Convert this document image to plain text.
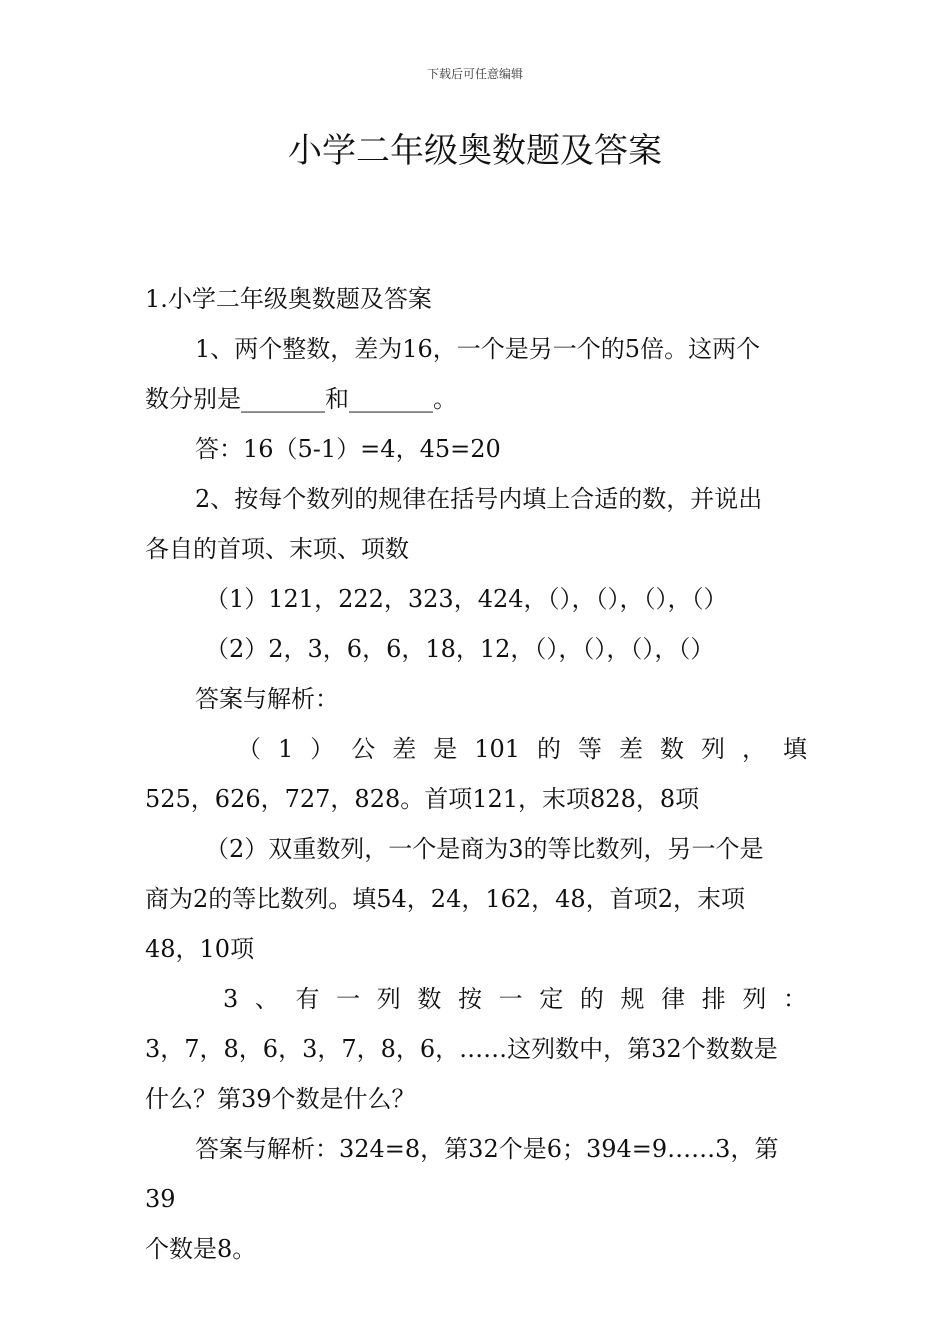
下载后可任意编辑
小学二年级奥数题及答案

1.小学二年级奥数题及答案

1、两个整数，差为16，一个是另一个的5倍。这两个

数分别是_______和_______。

答：16（5-1）=4，45=20

2、按每个数列的规律在括号内填上合适的数，并说出

各自的首项、末项、项数

（1）121，222，323，424，（），（），（），（）

（2）2，3，6，6，18，12，（），（），（），（）

答案与解析：

（1）公差是101的等差数列，填

525，626，727，828。首项121，末项828，8项

（2）双重数列，一个是商为3的等比数列，另一个是

商为2的等比数列。填54，24，162，48，首项2，末项

48，10项

3、有一列数按一定的规律排列：

3，7，8，6，3，7，8，6，……这列数中，第32个数数是

什么？第39个数是什么？

答案与解析：324=8，第32个是6；394=9……3，第39

个数是8。
